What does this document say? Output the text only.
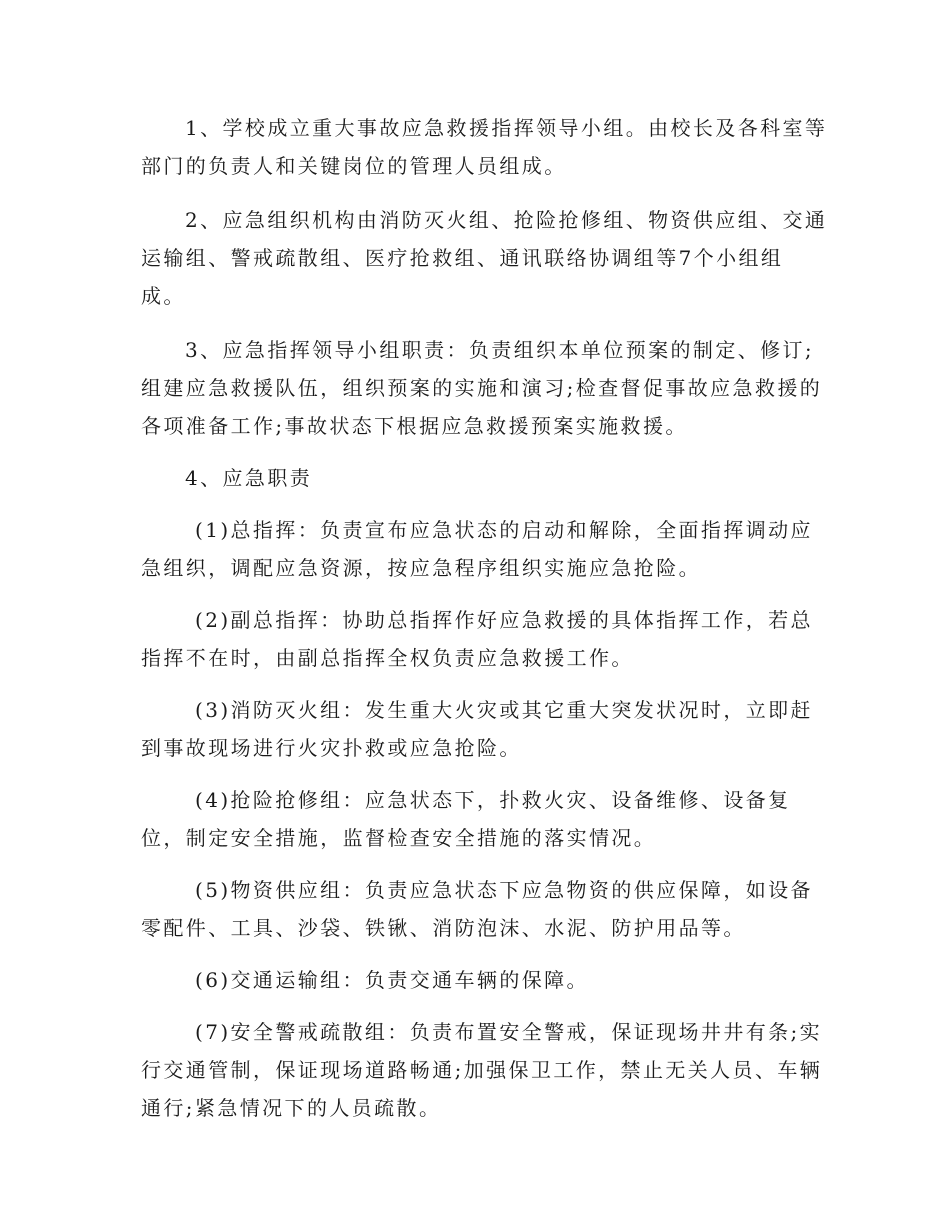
1、学校成立重大事故应急救援指挥领导小组。由校长及各科室等
部门的负责人和关键岗位的管理人员组成。
2、应急组织机构由消防灭火组、抢险抢修组、物资供应组、交通
运输组、警戒疏散组、医疗抢救组、通讯联络协调组等7个小组组
成。
3、应急指挥领导小组职责：负责组织本单位预案的制定、修订;
组建应急救援队伍，组织预案的实施和演习;检查督促事故应急救援的
各项准备工作;事故状态下根据应急救援预案实施救援。
4、应急职责
(1)总指挥：负责宣布应急状态的启动和解除，全面指挥调动应
急组织，调配应急资源，按应急程序组织实施应急抢险。
(2)副总指挥：协助总指挥作好应急救援的具体指挥工作，若总
指挥不在时，由副总指挥全权负责应急救援工作。
(3)消防灭火组：发生重大火灾或其它重大突发状况时，立即赶
到事故现场进行火灾扑救或应急抢险。
(4)抢险抢修组：应急状态下，扑救火灾、设备维修、设备复
位，制定安全措施，监督检查安全措施的落实情况。
(5)物资供应组：负责应急状态下应急物资的供应保障，如设备
零配件、工具、沙袋、铁锹、消防泡沫、水泥、防护用品等。
(6)交通运输组：负责交通车辆的保障。
(7)安全警戒疏散组：负责布置安全警戒，保证现场井井有条;实
行交通管制，保证现场道路畅通;加强保卫工作，禁止无关人员、车辆
通行;紧急情况下的人员疏散。
